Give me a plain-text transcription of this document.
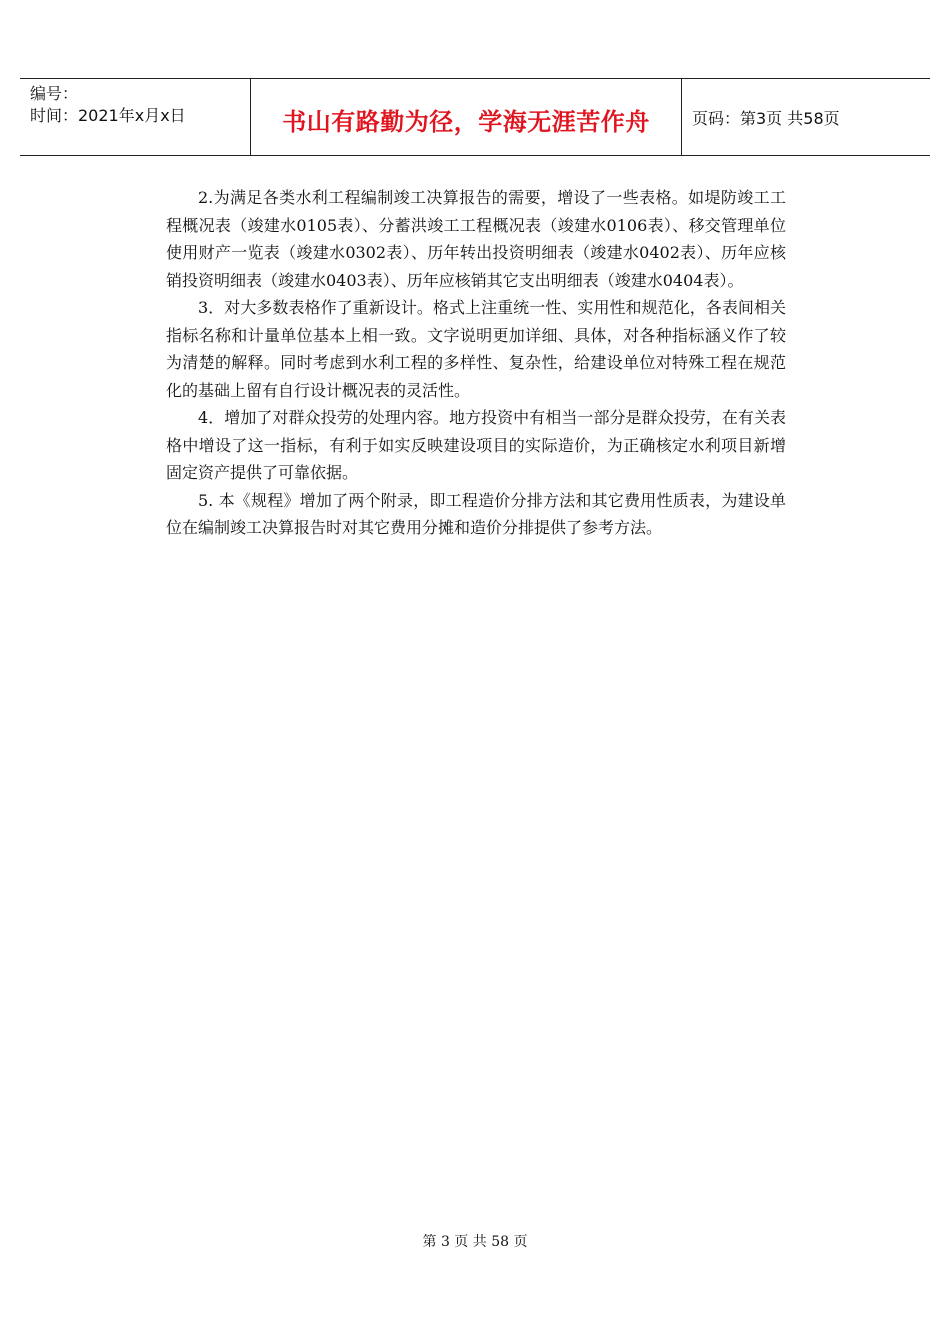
编号：
时间：2021年x月x日	书山有路勤为径，学海无涯苦作舟	页码：第3页 共58页

2.为满足各类水利工程编制竣工决算报告的需要，增设了一些表格。如堤防竣工工程概况表（竣建水0105表）、分蓄洪竣工工程概况表（竣建水0106表）、移交管理单位使用财产一览表（竣建水0302表）、历年转出投资明细表（竣建水0402表）、历年应核销投资明细表（竣建水0403表）、历年应核销其它支出明细表（竣建水0404表）。

3．对大多数表格作了重新设计。格式上注重统一性、实用性和规范化，各表间相关指标名称和计量单位基本上相一致。文字说明更加详细、具体，对各种指标涵义作了较为清楚的解释。同时考虑到水利工程的多样性、复杂性，给建设单位对特殊工程在规范化的基础上留有自行设计概况表的灵活性。

4．增加了对群众投劳的处理内容。地方投资中有相当一部分是群众投劳，在有关表格中增设了这一指标，有利于如实反映建设项目的实际造价，为正确核定水利项目新增固定资产提供了可靠依据。

5. 本《规程》增加了两个附录，即工程造价分排方法和其它费用性质表，为建设单位在编制竣工决算报告时对其它费用分摊和造价分排提供了参考方法。

第 3 页 共 58 页
